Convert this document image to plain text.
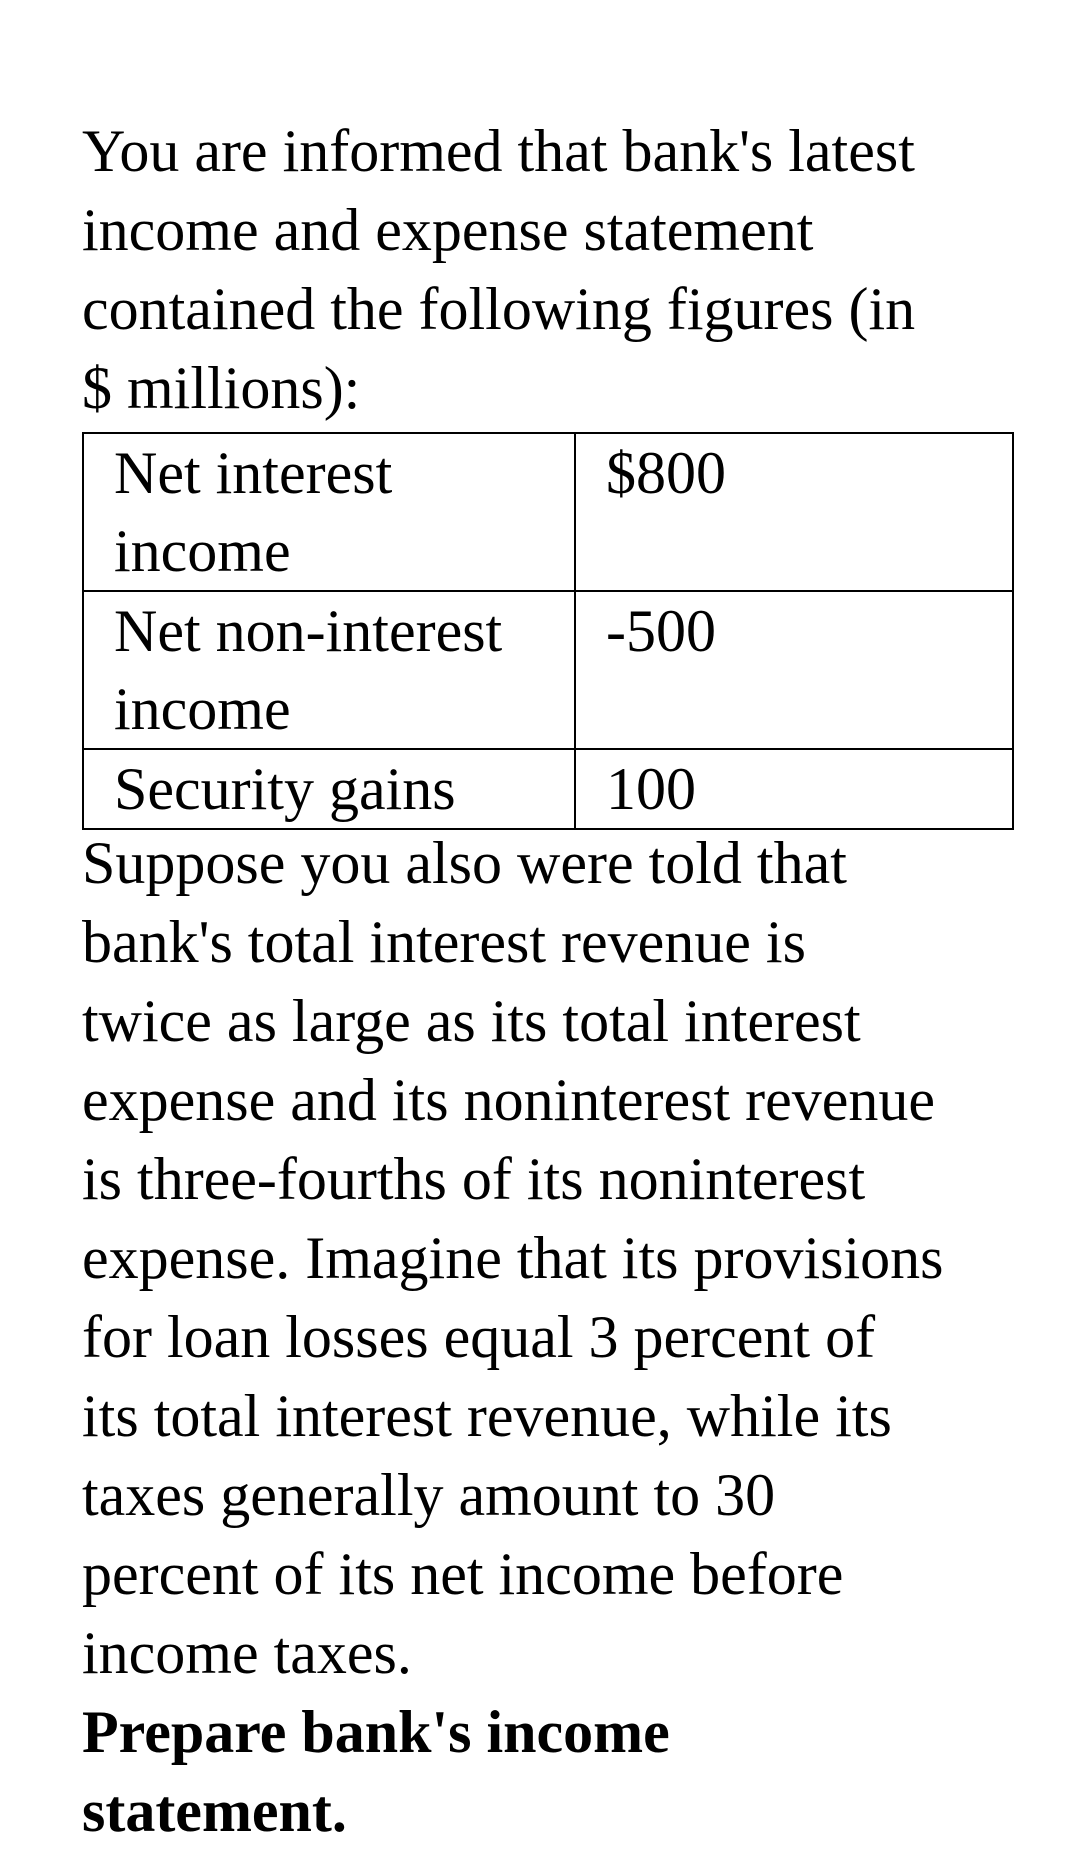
You are informed that bank's latest
income and expense statement
contained the following figures (in
$ millions):

Net interest
income	$800
Net non-interest
income	-500
Security gains	100

Suppose you also were told that
bank's total interest revenue is
twice as large as its total interest
expense and its noninterest revenue
is three-fourths of its noninterest
expense. Imagine that its provisions
for loan losses equal 3 percent of
its total interest revenue, while its
taxes generally amount to 30
percent of its net income before
income taxes.

Prepare bank's income
statement.
